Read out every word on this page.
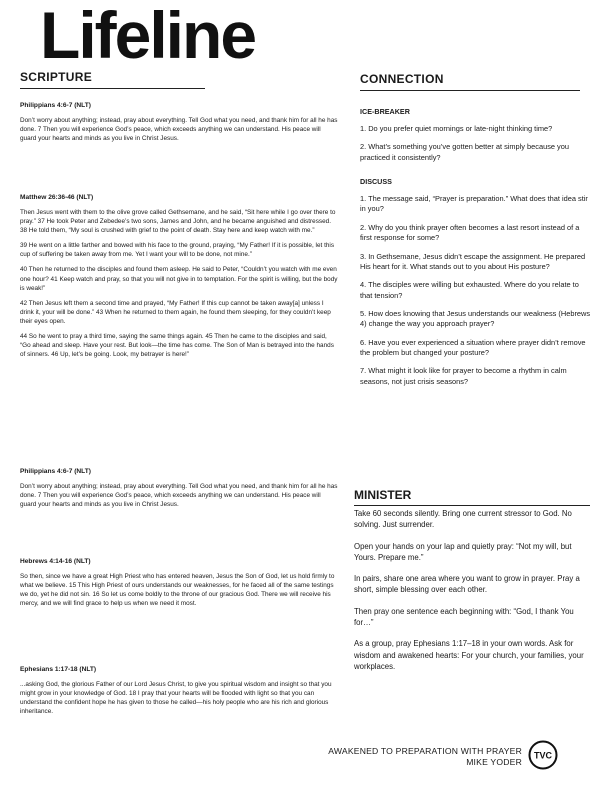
Lifeline
SCRIPTURE

Philippians 4:6-7 (NLT)

Don’t worry about anything; instead, pray about everything. Tell God what you need, and thank him for all he has done. 7 Then you will experience God’s peace, which exceeds anything we can understand. His peace will guard your hearts and minds as you live in Christ Jesus.

Matthew 26:36-46 (NLT)

Then Jesus went with them to the olive grove called Gethsemane, and he said, “Sit here while I go over there to pray.” 37 He took Peter and Zebedee’s two sons, James and John, and he became anguished and distressed. 38 He told them, “My soul is crushed with grief to the point of death. Stay here and keep watch with me.”

39 He went on a little farther and bowed with his face to the ground, praying, “My Father! If it is possible, let this cup of suffering be taken away from me. Yet I want your will to be done, not mine.”

40 Then he returned to the disciples and found them asleep. He said to Peter, “Couldn’t you watch with me even one hour? 41 Keep watch and pray, so that you will not give in to temptation. For the spirit is willing, but the body is weak!”

42 Then Jesus left them a second time and prayed, “My Father! If this cup cannot be taken away[a] unless I drink it, your will be done.” 43 When he returned to them again, he found them sleeping, for they couldn’t keep their eyes open.

44 So he went to pray a third time, saying the same things again. 45 Then he came to the disciples and said, “Go ahead and sleep. Have your rest. But look—the time has come. The Son of Man is betrayed into the hands of sinners. 46 Up, let’s be going. Look, my betrayer is here!”

Philippians 4:6-7 (NLT)

Don’t worry about anything; instead, pray about everything. Tell God what you need, and thank him for all he has done. 7 Then you will experience God’s peace, which exceeds anything we can understand. His peace will guard your hearts and minds as you live in Christ Jesus.

Hebrews 4:14-16 (NLT)

So then, since we have a great High Priest who has entered heaven, Jesus the Son of God, let us hold firmly to what we believe. 15 This High Priest of ours understands our weaknesses, for he faced all of the same testings we do, yet he did not sin. 16 So let us come boldly to the throne of our gracious God. There we will receive his mercy, and we will find grace to help us when we need it most.

Ephesians 1:17-18 (NLT)

...asking God, the glorious Father of our Lord Jesus Christ, to give you spiritual wisdom and insight so that you might grow in your knowledge of God. 18 I pray that your hearts will be flooded with light so that you can understand the confident hope he has given to those he called—his holy people who are his rich and glorious inheritance.

CONNECTION

ICE-BREAKER

1. Do you prefer quiet mornings or late-night thinking time?

2. What’s something you’ve gotten better at simply because you practiced it consistently?

DISCUSS

1. The message said, “Prayer is preparation.” What does that idea stir in you?

2. Why do you think prayer often becomes a last resort instead of a first response for some?

3. In Gethsemane, Jesus didn’t escape the assignment. He prepared His heart for it. What stands out to you about His posture?

4. The disciples were willing but exhausted. Where do you relate to that tension?

5. How does knowing that Jesus understands our weakness (Hebrews 4) change the way you approach prayer?

6. Have you ever experienced a situation where prayer didn’t remove the problem but changed your posture?

7. What might it look like for prayer to become a rhythm in calm seasons, not just crisis seasons?

MINISTER

Take 60 seconds silently. Bring one current stressor to God. No solving. Just surrender.

Open your hands on your lap and quietly pray: “Not my will, but Yours. Prepare me.”

In pairs, share one area where you want to grow in prayer. Pray a short, simple blessing over each other.

Then pray one sentence each beginning with: “God, I thank You for…”

As a group, pray Ephesians 1:17–18 in your own words. Ask for wisdom and awakened hearts: For your church, your families, your workplaces.

AWAKENED TO PREPARATION WITH PRAYER
MIKE YODER
TVC
